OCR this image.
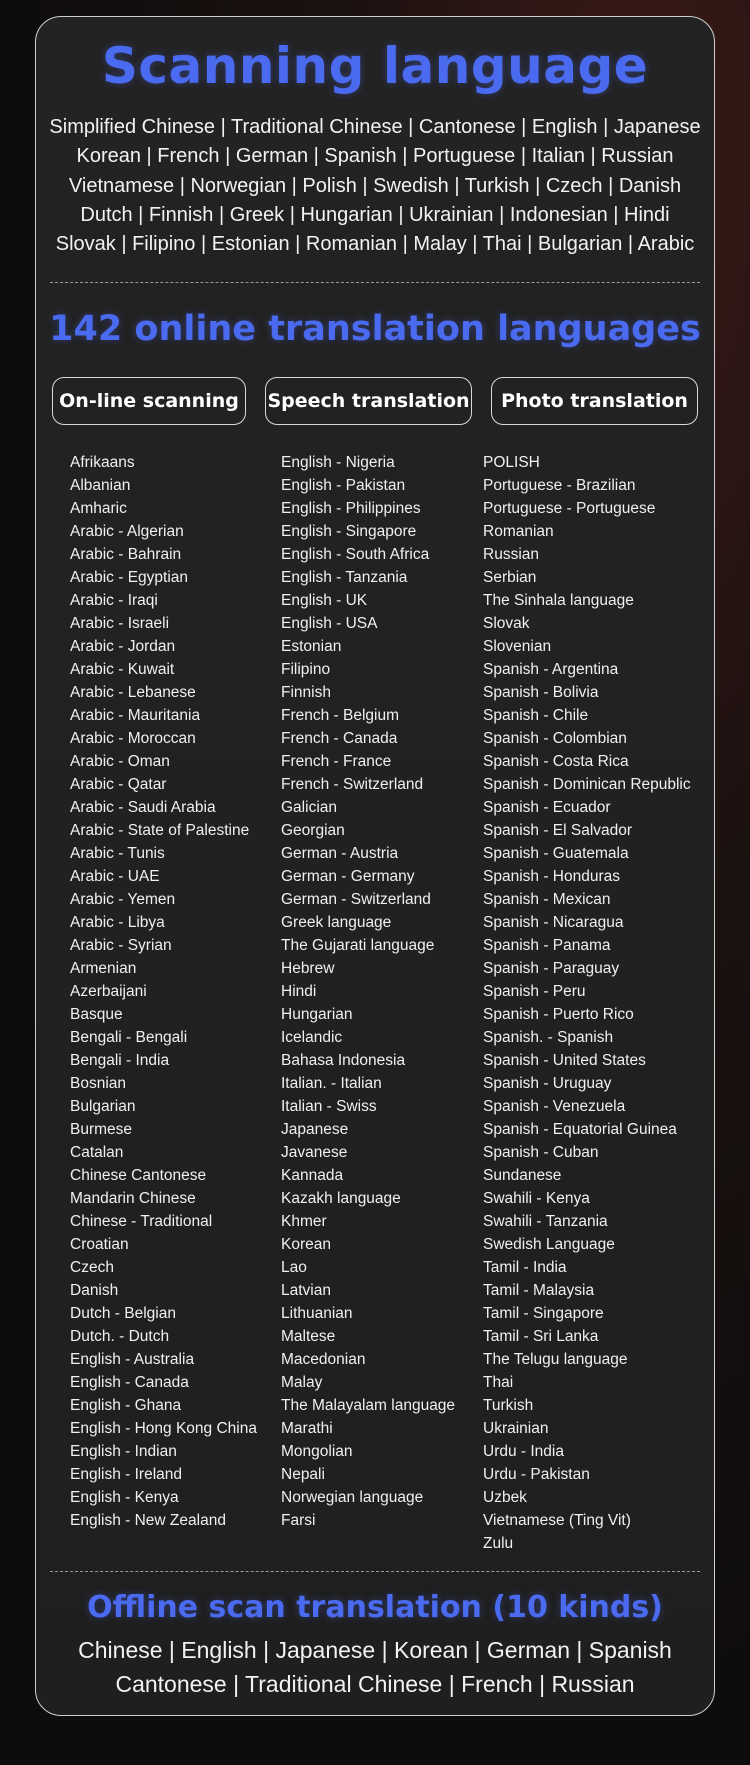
Scanning language
Simplified Chinese | Traditional Chinese | Cantonese | English | Japanese
Korean | French | German | Spanish | Portuguese | Italian | Russian
Vietnamese | Norwegian | Polish | Swedish | Turkish | Czech | Danish
Dutch | Finnish | Greek | Hungarian | Ukrainian | Indonesian | Hindi
Slovak | Filipino | Estonian | Romanian | Malay | Thai | Bulgarian | Arabic
142 online translation languages
On-line scanning	Speech translation	Photo translation
Afrikaans
Albanian
Amharic
Arabic - Algerian
Arabic - Bahrain
Arabic - Egyptian
Arabic - Iraqi
Arabic - Israeli
Arabic - Jordan
Arabic - Kuwait
Arabic - Lebanese
Arabic - Mauritania
Arabic - Moroccan
Arabic - Oman
Arabic - Qatar
Arabic - Saudi Arabia
Arabic - State of Palestine
Arabic - Tunis
Arabic - UAE
Arabic - Yemen
Arabic - Libya
Arabic - Syrian
Armenian
Azerbaijani
Basque
Bengali - Bengali
Bengali - India
Bosnian
Bulgarian
Burmese
Catalan
Chinese Cantonese
Mandarin Chinese
Chinese - Traditional
Croatian
Czech
Danish
Dutch - Belgian
Dutch. - Dutch
English - Australia
English - Canada
English - Ghana
English - Hong Kong China
English - Indian
English - Ireland
English - Kenya
English - New Zealand
English - Nigeria
English - Pakistan
English - Philippines
English - Singapore
English - South Africa
English - Tanzania
English - UK
English - USA
Estonian
Filipino
Finnish
French - Belgium
French - Canada
French - France
French - Switzerland
Galician
Georgian
German - Austria
German - Germany
German - Switzerland
Greek language
The Gujarati language
Hebrew
Hindi
Hungarian
Icelandic
Bahasa Indonesia
Italian. - Italian
Italian - Swiss
Japanese
Javanese
Kannada
Kazakh language
Khmer
Korean
Lao
Latvian
Lithuanian
Maltese
Macedonian
Malay
The Malayalam language
Marathi
Mongolian
Nepali
Norwegian language
Farsi
POLISH
Portuguese - Brazilian
Portuguese - Portuguese
Romanian
Russian
Serbian
The Sinhala language
Slovak
Slovenian
Spanish - Argentina
Spanish - Bolivia
Spanish - Chile
Spanish - Colombian
Spanish - Costa Rica
Spanish - Dominican Republic
Spanish - Ecuador
Spanish - El Salvador
Spanish - Guatemala
Spanish - Honduras
Spanish - Mexican
Spanish - Nicaragua
Spanish - Panama
Spanish - Paraguay
Spanish - Peru
Spanish - Puerto Rico
Spanish. - Spanish
Spanish - United States
Spanish - Uruguay
Spanish - Venezuela
Spanish - Equatorial Guinea
Spanish - Cuban
Sundanese
Swahili - Kenya
Swahili - Tanzania
Swedish Language
Tamil - India
Tamil - Malaysia
Tamil - Singapore
Tamil - Sri Lanka
The Telugu language
Thai
Turkish
Ukrainian
Urdu - India
Urdu - Pakistan
Uzbek
Vietnamese (Ting Vit)
Zulu
Offline scan translation (10 kinds)
Chinese | English | Japanese | Korean | German | Spanish
Cantonese | Traditional Chinese | French | Russian
